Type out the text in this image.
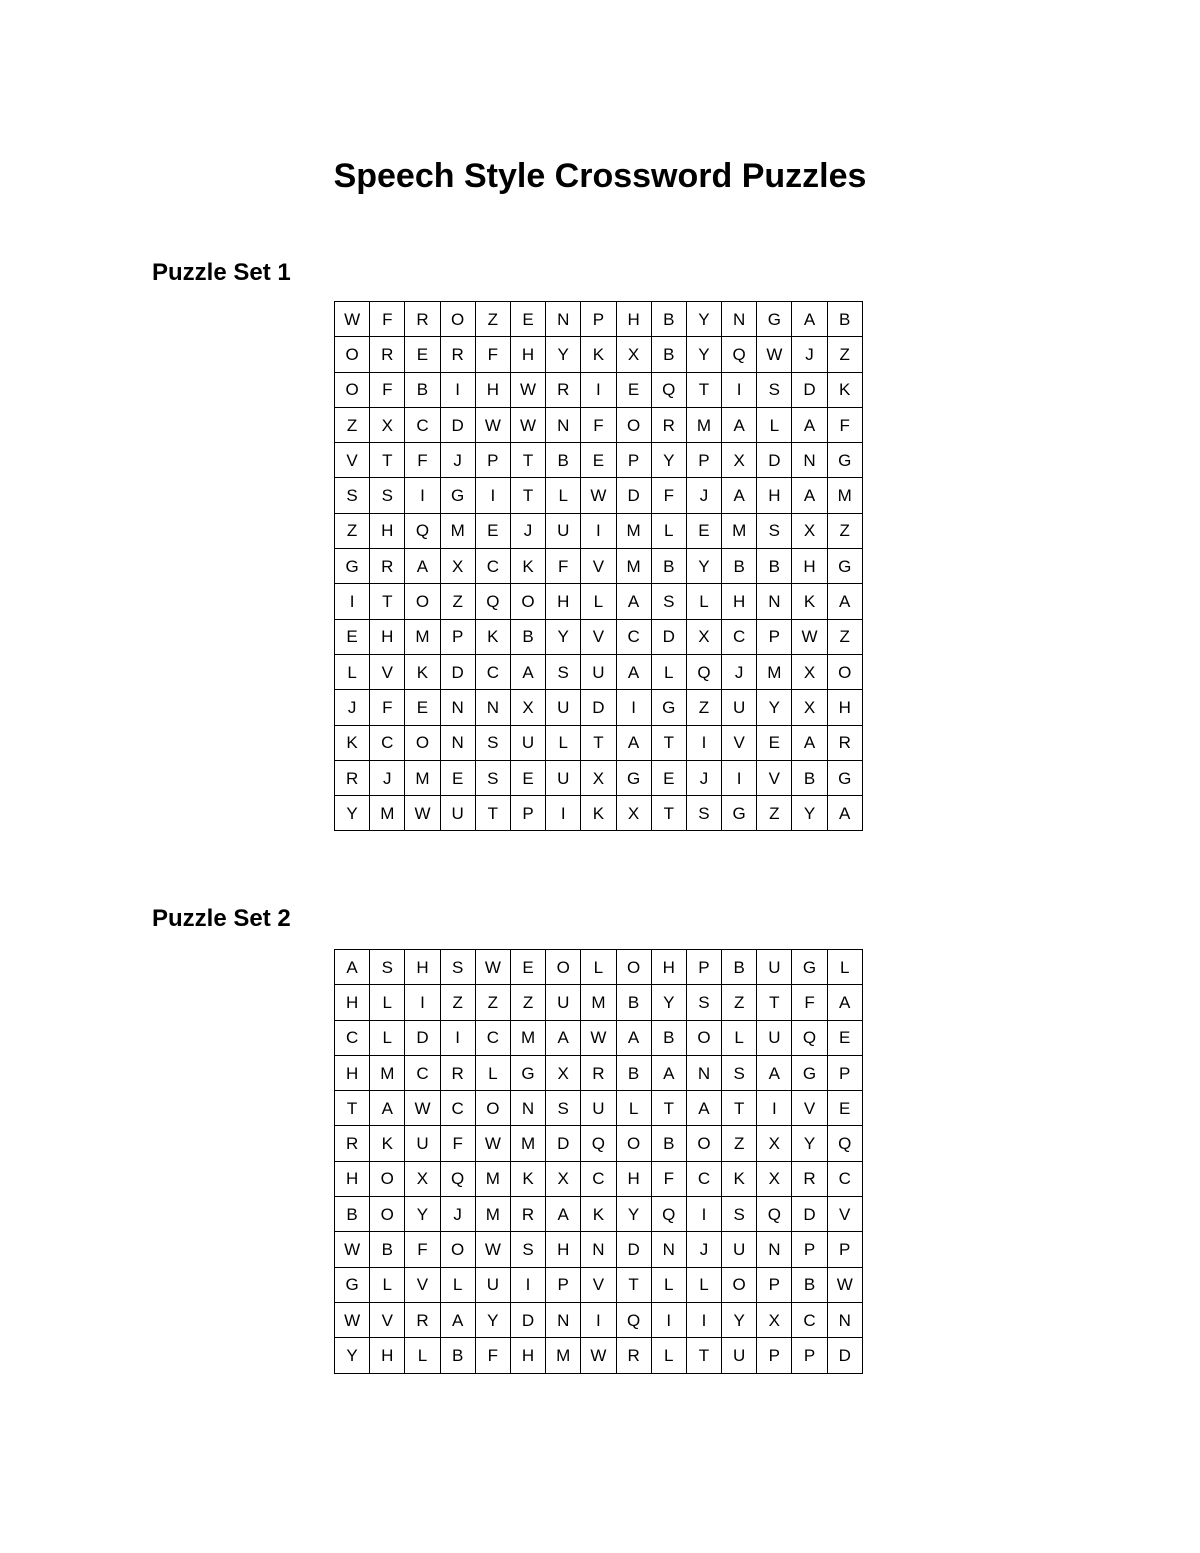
Speech Style Crossword Puzzles
Puzzle Set 1
W	F	R	O	Z	E	N	P	H	B	Y	N	G	A	B
O	R	E	R	F	H	Y	K	X	B	Y	Q	W	J	Z
O	F	B	I	H	W	R	I	E	Q	T	I	S	D	K
Z	X	C	D	W	W	N	F	O	R	M	A	L	A	F
V	T	F	J	P	T	B	E	P	Y	P	X	D	N	G
S	S	I	G	I	T	L	W	D	F	J	A	H	A	M
Z	H	Q	M	E	J	U	I	M	L	E	M	S	X	Z
G	R	A	X	C	K	F	V	M	B	Y	B	B	H	G
I	T	O	Z	Q	O	H	L	A	S	L	H	N	K	A
E	H	M	P	K	B	Y	V	C	D	X	C	P	W	Z
L	V	K	D	C	A	S	U	A	L	Q	J	M	X	O
J	F	E	N	N	X	U	D	I	G	Z	U	Y	X	H
K	C	O	N	S	U	L	T	A	T	I	V	E	A	R
R	J	M	E	S	E	U	X	G	E	J	I	V	B	G
Y	M	W	U	T	P	I	K	X	T	S	G	Z	Y	A
Puzzle Set 2
A	S	H	S	W	E	O	L	O	H	P	B	U	G	L
H	L	I	Z	Z	Z	U	M	B	Y	S	Z	T	F	A
C	L	D	I	C	M	A	W	A	B	O	L	U	Q	E
H	M	C	R	L	G	X	R	B	A	N	S	A	G	P
T	A	W	C	O	N	S	U	L	T	A	T	I	V	E
R	K	U	F	W	M	D	Q	O	B	O	Z	X	Y	Q
H	O	X	Q	M	K	X	C	H	F	C	K	X	R	C
B	O	Y	J	M	R	A	K	Y	Q	I	S	Q	D	V
W	B	F	O	W	S	H	N	D	N	J	U	N	P	P
G	L	V	L	U	I	P	V	T	L	L	O	P	B	W
W	V	R	A	Y	D	N	I	Q	I	I	Y	X	C	N
Y	H	L	B	F	H	M	W	R	L	T	U	P	P	D
